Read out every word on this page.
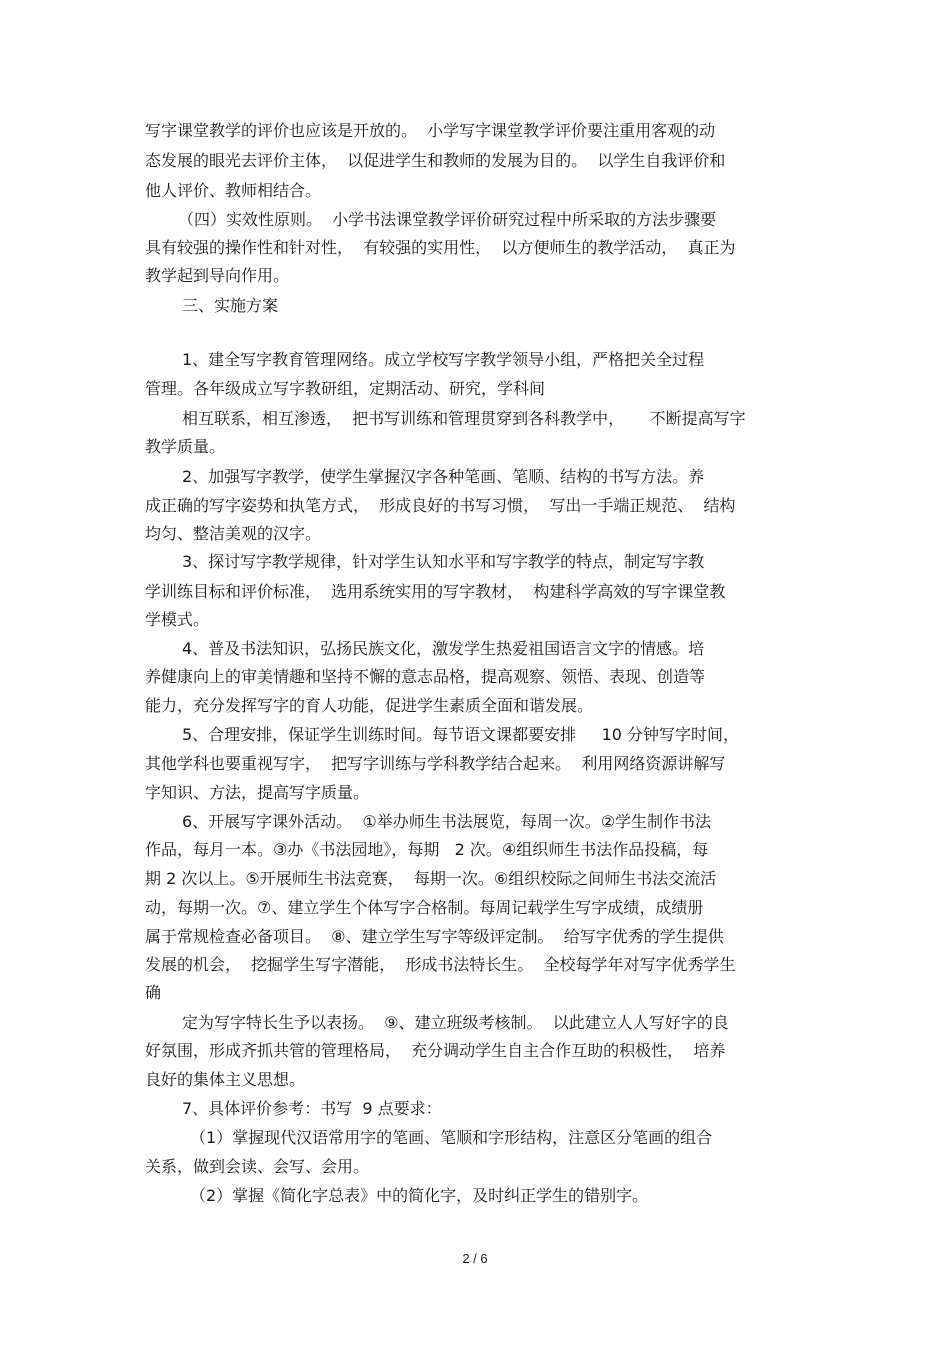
写字课堂教学的评价也应该是开放的。  小学写字课堂教学评价要注重用客观的动
态发展的眼光去评价主体，  以促进学生和教师的发展为目的。  以学生自我评价和
他人评价、教师相结合。
（四）实效性原则。  小学书法课堂教学评价研究过程中所采取的方法步骤要
具有较强的操作性和针对性，  有较强的实用性，  以方便师生的教学活动，  真正为
教学起到导向作用。
三、实施方案
1、建全写字教育管理网络。成立学校写字教学领导小组，严格把关全过程
管理。各年级成立写字教研组，定期活动、研究，学科间
相互联系，相互渗透，  把书写训练和管理贯穿到各科教学中，     不断提高写字
教学质量。
2、加强写字教学，使学生掌握汉字各种笔画、笔顺、结构的书写方法。养
成正确的写字姿势和执笔方式，  形成良好的书写习惯，  写出一手端正规范、  结构
均匀、整洁美观的汉字。
3、探讨写字教学规律，针对学生认知水平和写字教学的特点，制定写字教
学训练目标和评价标准，  选用系统实用的写字教材，  构建科学高效的写字课堂教
学模式。
4、普及书法知识，弘扬民族文化，激发学生热爱祖国语言文字的情感。培
养健康向上的审美情趣和坚持不懈的意志品格，提高观察、领悟、表现、创造等
能力，充分发挥写字的育人功能，促进学生素质全面和谐发展。
5、合理安排，保证学生训练时间。每节语文课都要安排     10 分钟写字时间，
其他学科也要重视写字，  把写字训练与学科教学结合起来。  利用网络资源讲解写
字知识、方法，提高写字质量。
6、开展写字课外活动。  ①举办师生书法展览，每周一次。②学生制作书法
作品，每月一本。③办《书法园地》，每期   2 次。④组织师生书法作品投稿，每
期 2 次以上。⑤开展师生书法竞赛，  每期一次。⑥组织校际之间师生书法交流活
动，每期一次。⑦、建立学生个体写字合格制。每周记载学生写字成绩，成绩册
属于常规检查必备项目。  ⑧、建立学生写字等级评定制。  给写字优秀的学生提供
发展的机会，  挖掘学生写字潜能，  形成书法特长生。  全校每学年对写字优秀学生
确
定为写字特长生予以表扬。  ⑨、建立班级考核制。  以此建立人人写好字的良
好氛围，形成齐抓共管的管理格局，  充分调动学生自主合作互助的积极性，  培养
良好的集体主义思想。
7、具体评价参考：书写  9 点要求：
（1）掌握现代汉语常用字的笔画、笔顺和字形结构，注意区分笔画的组合
关系，做到会读、会写、会用。
（2）掌握《简化字总表》中的简化字，及时纠正学生的错别字。
2 / 6
